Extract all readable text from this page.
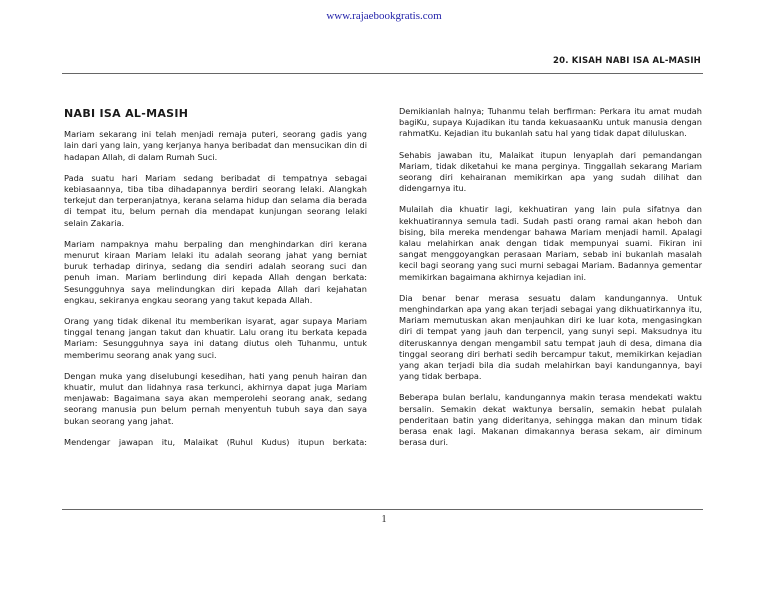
www.rajaebookgratis.com
20. KISAH NABI ISA AL-MASIH
NABI ISA AL-MASIH

Mariam sekarang ini telah menjadi remaja puteri, seorang gadis yang lain dari yang lain, yang kerjanya hanya beribadat dan mensucikan din di hadapan Allah, di dalam Rumah Suci.

Pada suatu hari Mariam sedang beribadat di tempatnya sebagai kebiasaannya, tiba tiba dihadapannya berdiri seorang lelaki. Alangkah terkejut dan terperanjatnya, kerana selama hidup dan selama dia berada di tempat itu, belum pernah dia mendapat kunjungan seorang lelaki selain Zakaria.

Mariam nampaknya mahu berpaling dan menghindarkan diri kerana menurut kiraan Mariam lelaki itu adalah seorang jahat yang berniat buruk terhadap dirinya, sedang dia sendiri adalah seorang suci dan penuh iman. Mariam berlindung diri kepada Allah dengan berkata: Sesungguhnya saya melindungkan diri kepada Allah dari kejahatan engkau, sekiranya engkau seorang yang takut kepada Allah.

Orang yang tidak dikenal itu memberikan isyarat, agar supaya Mariam tinggal tenang jangan takut dan khuatir. Lalu orang itu berkata kepada Mariam: Sesungguhnya saya ini datang diutus oleh Tuhanmu, untuk memberimu seorang anak yang suci.

Dengan muka yang diselubungi kesedihan, hati yang penuh hairan dan khuatir, mulut dan lidahnya rasa terkunci, akhirnya dapat juga Mariam menjawab: Bagaimana saya akan memperolehi seorang anak, sedang seorang manusia pun belum pernah menyentuh tubuh saya dan saya bukan seorang yang jahat.

Mendengar jawapan itu, Malaikat (Ruhul Kudus) itupun berkata:

Demikianlah halnya; Tuhanmu telah berfirman: Perkara itu amat mudah bagiKu, supaya Kujadikan itu tanda kekuasaanKu untuk manusia dengan rahmatKu. Kejadian itu bukanlah satu hal yang tidak dapat diluluskan.

Sehabis jawaban itu, Malaikat itupun lenyaplah dari pemandangan Mariam, tidak diketahui ke mana perginya. Tinggallah sekarang Mariam seorang diri kehairanan memikirkan apa yang sudah dilihat dan didengarnya itu.

Mulailah dia khuatir lagi, kekhuatiran yang lain pula sifatnya dan kekhuatirannya semula tadi. Sudah pasti orang ramai akan heboh dan bising, bila mereka mendengar bahawa Mariam menjadi hamil. Apalagi kalau melahirkan anak dengan tidak mempunyai suami. Fikiran ini sangat menggoyangkan perasaan Mariam, sebab ini bukanlah masalah kecil bagi seorang yang suci murni sebagai Mariam. Badannya gementar memikirkan bagaimana akhirnya kejadian ini.

Dia benar benar merasa sesuatu dalam kandungannya. Untuk menghindarkan apa yang akan terjadi sebagai yang dikhuatirkannya itu, Mariam memutuskan akan menjauhkan diri ke luar kota, mengasingkan diri di tempat yang jauh dan terpencil, yang sunyi sepi. Maksudnya itu diteruskannya dengan mengambil satu tempat jauh di desa, dimana dia tinggal seorang diri berhati sedih bercampur takut, memikirkan kejadian yang akan terjadi bila dia sudah melahirkan bayi kandungannya, bayi yang tidak berbapa.

Beberapa bulan berlalu, kandungannya makin terasa mendekati waktu bersalin. Semakin dekat waktunya bersalin, semakin hebat pulalah penderitaan batin yang dideritanya, sehingga makan dan minum tidak berasa enak lagi. Makanan dimakannya berasa sekam, air diminum berasa duri.

1
